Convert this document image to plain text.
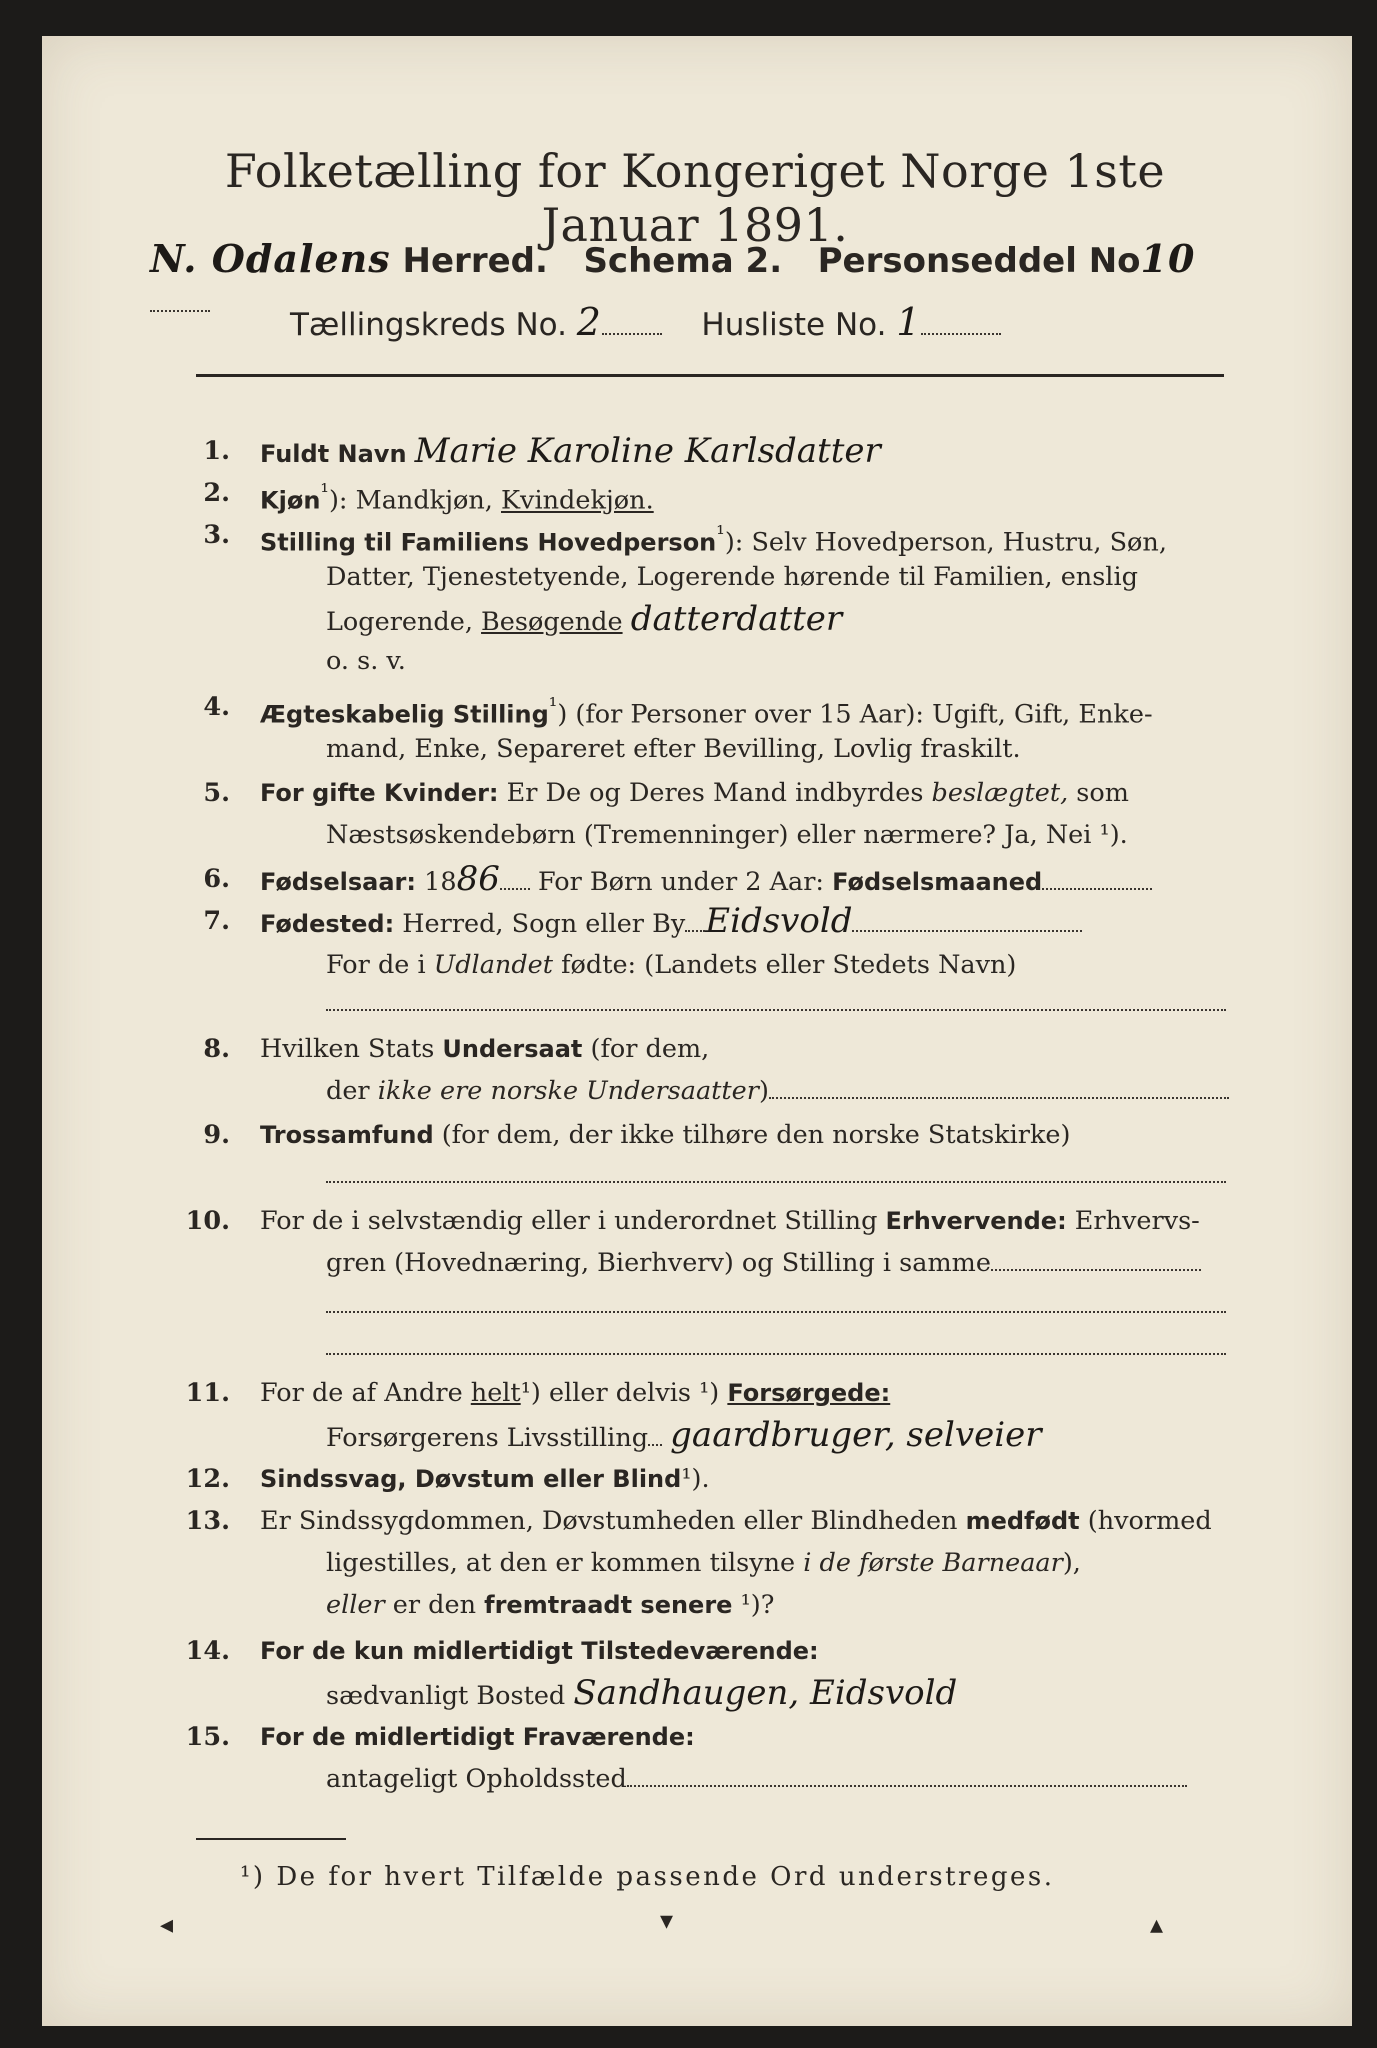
Folketælling for Kongeriget Norge 1ste Januar 1891.
N. Odalens Herred. Schema 2. Personseddel No10
Tællingskreds No. 2	Husliste No. 1
1. Fuldt Navn Marie Karoline Karlsdatter
2. Kjøn$^{^1}$): Mandkjøn, Kvindekjøn.
3. Stilling til Familiens Hovedperson$^{^1}$): Selv Hovedperson, Hustru, Søn,
Datter, Tjenestetyende, Logerende hørende til Familien, enslig
Logerende, Besøgende datterdatter
o. s. v.
4. Ægteskabelig Stilling$^{^1}$) (for Personer over 15 Aar): Ugift, Gift, Enke-
mand, Enke, Separeret efter Bevilling, Lovlig fraskilt.
5. For gifte Kvinder: Er De og Deres Mand indbyrdes beslægtet, som
Næstsøskendebørn (Tremenninger) eller nærmere? Ja, Nei ¹).
6. Fødselsaar: 1886 For Børn under 2 Aar: Fødselsmaaned
7. Fødested: Herred, Sogn eller By Eidsvold
For de i Udlandet fødte: (Landets eller Stedets Navn)
8. Hvilken Stats Undersaat (for dem,
der ikke ere norske Undersaatter)
9. Trossamfund (for dem, der ikke tilhøre den norske Statskirke)
10. For de i selvstændig eller i underordnet Stilling Erhvervende: Erhvervs-
gren (Hovednæring, Bierhverv) og Stilling i samme
11. For de af Andre helt¹) eller delvis ¹) Forsørgede:
Forsørgerens Livsstilling gaardbruger, selveier
12. Sindssvag, Døvstum eller Blind¹).
13. Er Sindssygdommen, Døvstumheden eller Blindheden medfødt (hvormed
ligestilles, at den er kommen tilsyne i de første Barneaar),
eller er den fremtraadt senere ¹)?
14. For de kun midlertidigt Tilstedeværende:
sædvanligt Bosted Sandhaugen, Eidsvold
15. For de midlertidigt Fraværende:
antageligt Opholdssted
¹) De for hvert Tilfælde passende Ord understreges.
◂	▾	▴
